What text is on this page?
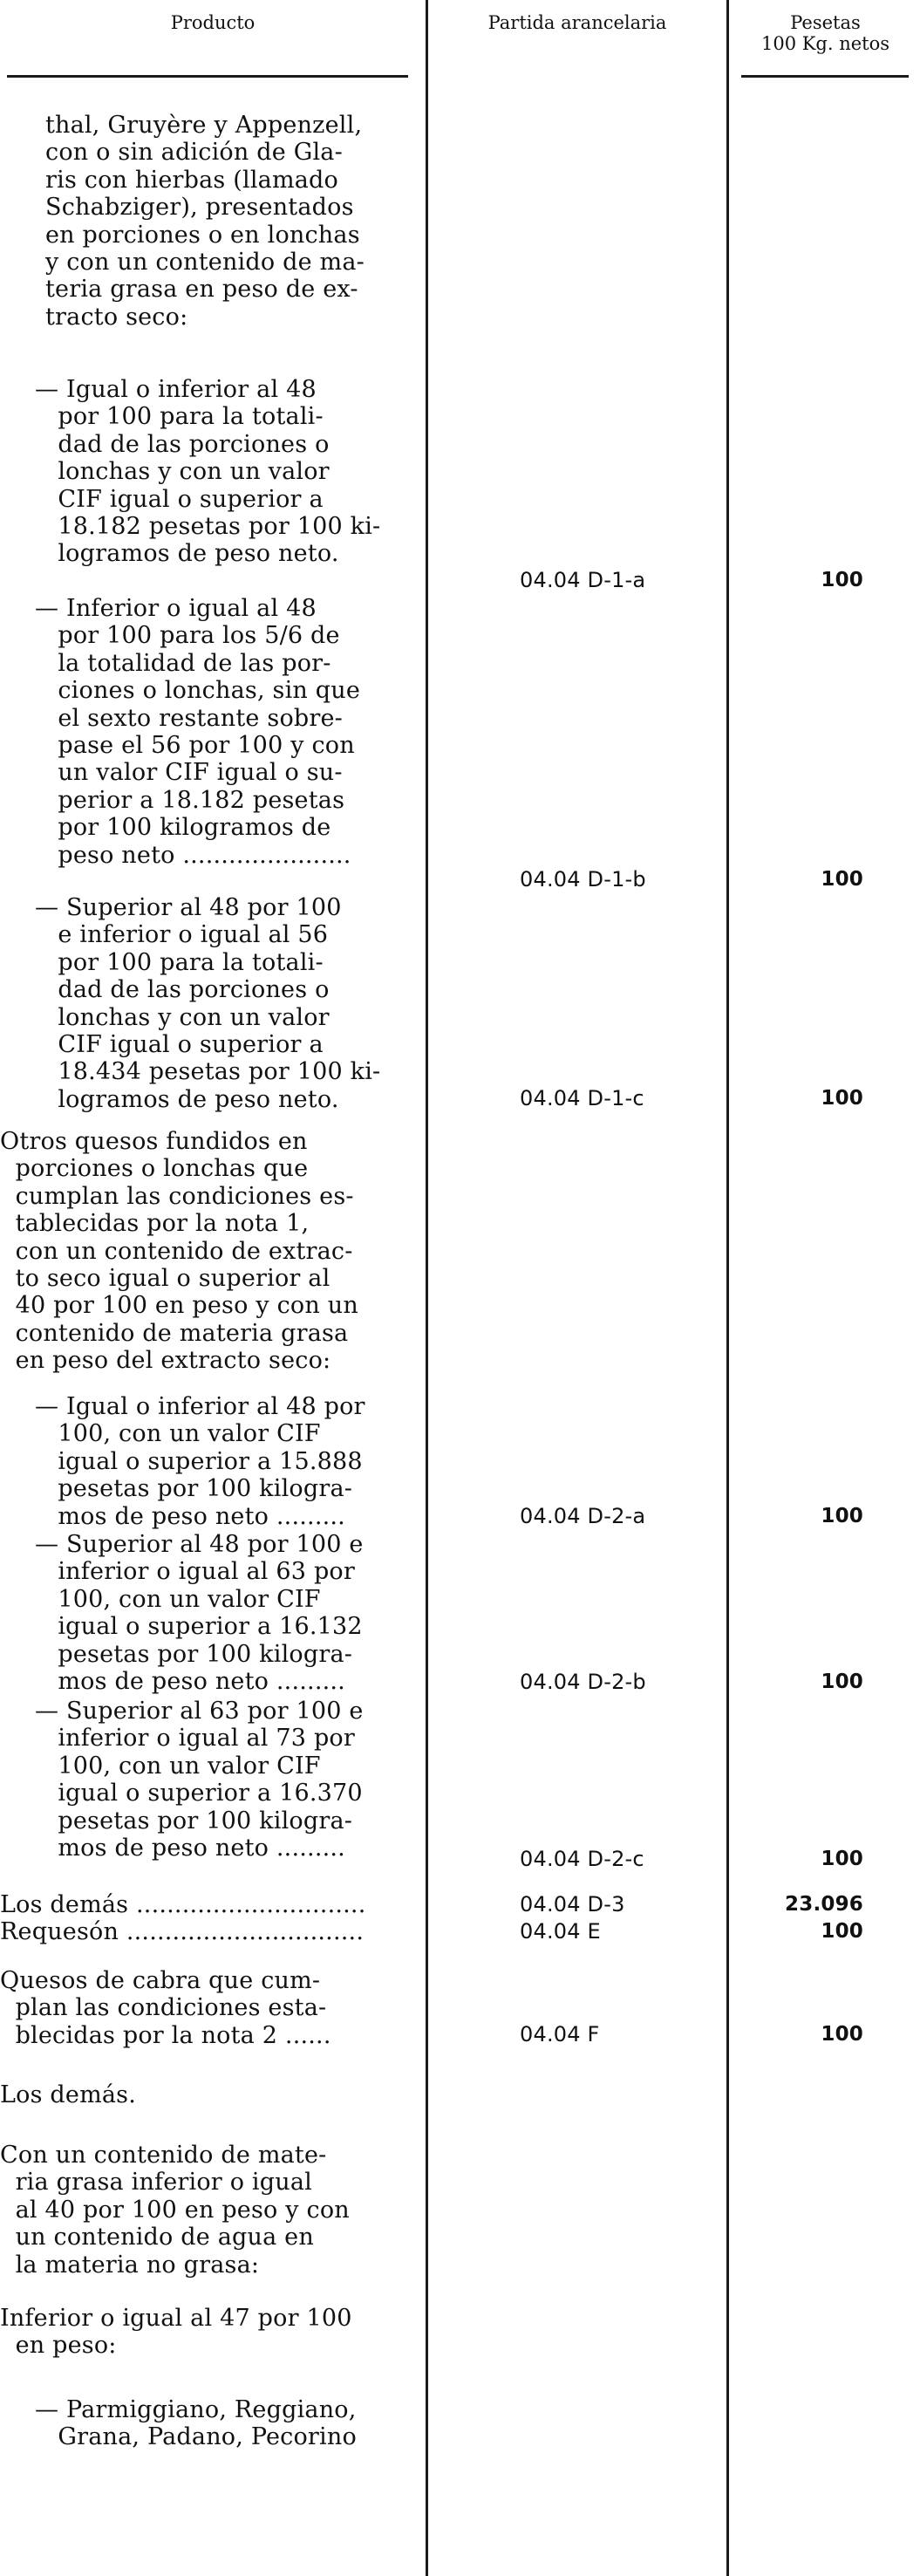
Producto	Partida arancelaria	Pesetas
100 Kg. netos
thal, Gruyère y Appenzell,
con o sin adición de Gla-
ris con hierbas (llamado
Schabziger), presentados
en porciones o en lonchas
y con un contenido de ma-
teria grasa en peso de ex-
tracto seco:
— Igual o inferior al 48
por 100 para la totali-
dad de las porciones o
lonchas y con un valor
CIF igual o superior a
18.182 pesetas por 100 ki-
logramos de peso neto.
04.04 D-1-a	100
— Inferior o igual al 48
por 100 para los 5/6 de
la totalidad de las por-
ciones o lonchas, sin que
el sexto restante sobre-
pase el 56 por 100 y con
un valor CIF igual o su-
perior a 18.182 pesetas
por 100 kilogramos de
peso neto ......................
04.04 D-1-b	100
— Superior al 48 por 100
e inferior o igual al 56
por 100 para la totali-
dad de las porciones o
lonchas y con un valor
CIF igual o superior a
18.434 pesetas por 100 ki-
logramos de peso neto.	04.04 D-1-c	100
Otros quesos fundidos en
porciones o lonchas que
cumplan las condiciones es-
tablecidas por la nota 1,
con un contenido de extrac-
to seco igual o superior al
40 por 100 en peso y con un
contenido de materia grasa
en peso del extracto seco:
— Igual o inferior al 48 por
100, con un valor CIF
igual o superior a 15.888
pesetas por 100 kilogra-
mos de peso neto .........	04.04 D-2-a	100
— Superior al 48 por 100 e
inferior o igual al 63 por
100, con un valor CIF
igual o superior a 16.132
pesetas por 100 kilogra-
mos de peso neto .........	04.04 D-2-b	100
— Superior al 63 por 100 e
inferior o igual al 73 por
100, con un valor CIF
igual o superior a 16.370
pesetas por 100 kilogra-
mos de peso neto .........	04.04 D-2-c	100
Los demás ..............................	04.04 D-3	23.096
Requesón ...............................	04.04 E	100
Quesos de cabra que cum-
plan las condiciones esta-
blecidas por la nota 2 ......	04.04 F	100
Los demás.
Con un contenido de mate-
ria grasa inferior o igual
al 40 por 100 en peso y con
un contenido de agua en
la materia no grasa:
Inferior o igual al 47 por 100
en peso:
— Parmiggiano, Reggiano,
Grana, Padano, Pecorino
